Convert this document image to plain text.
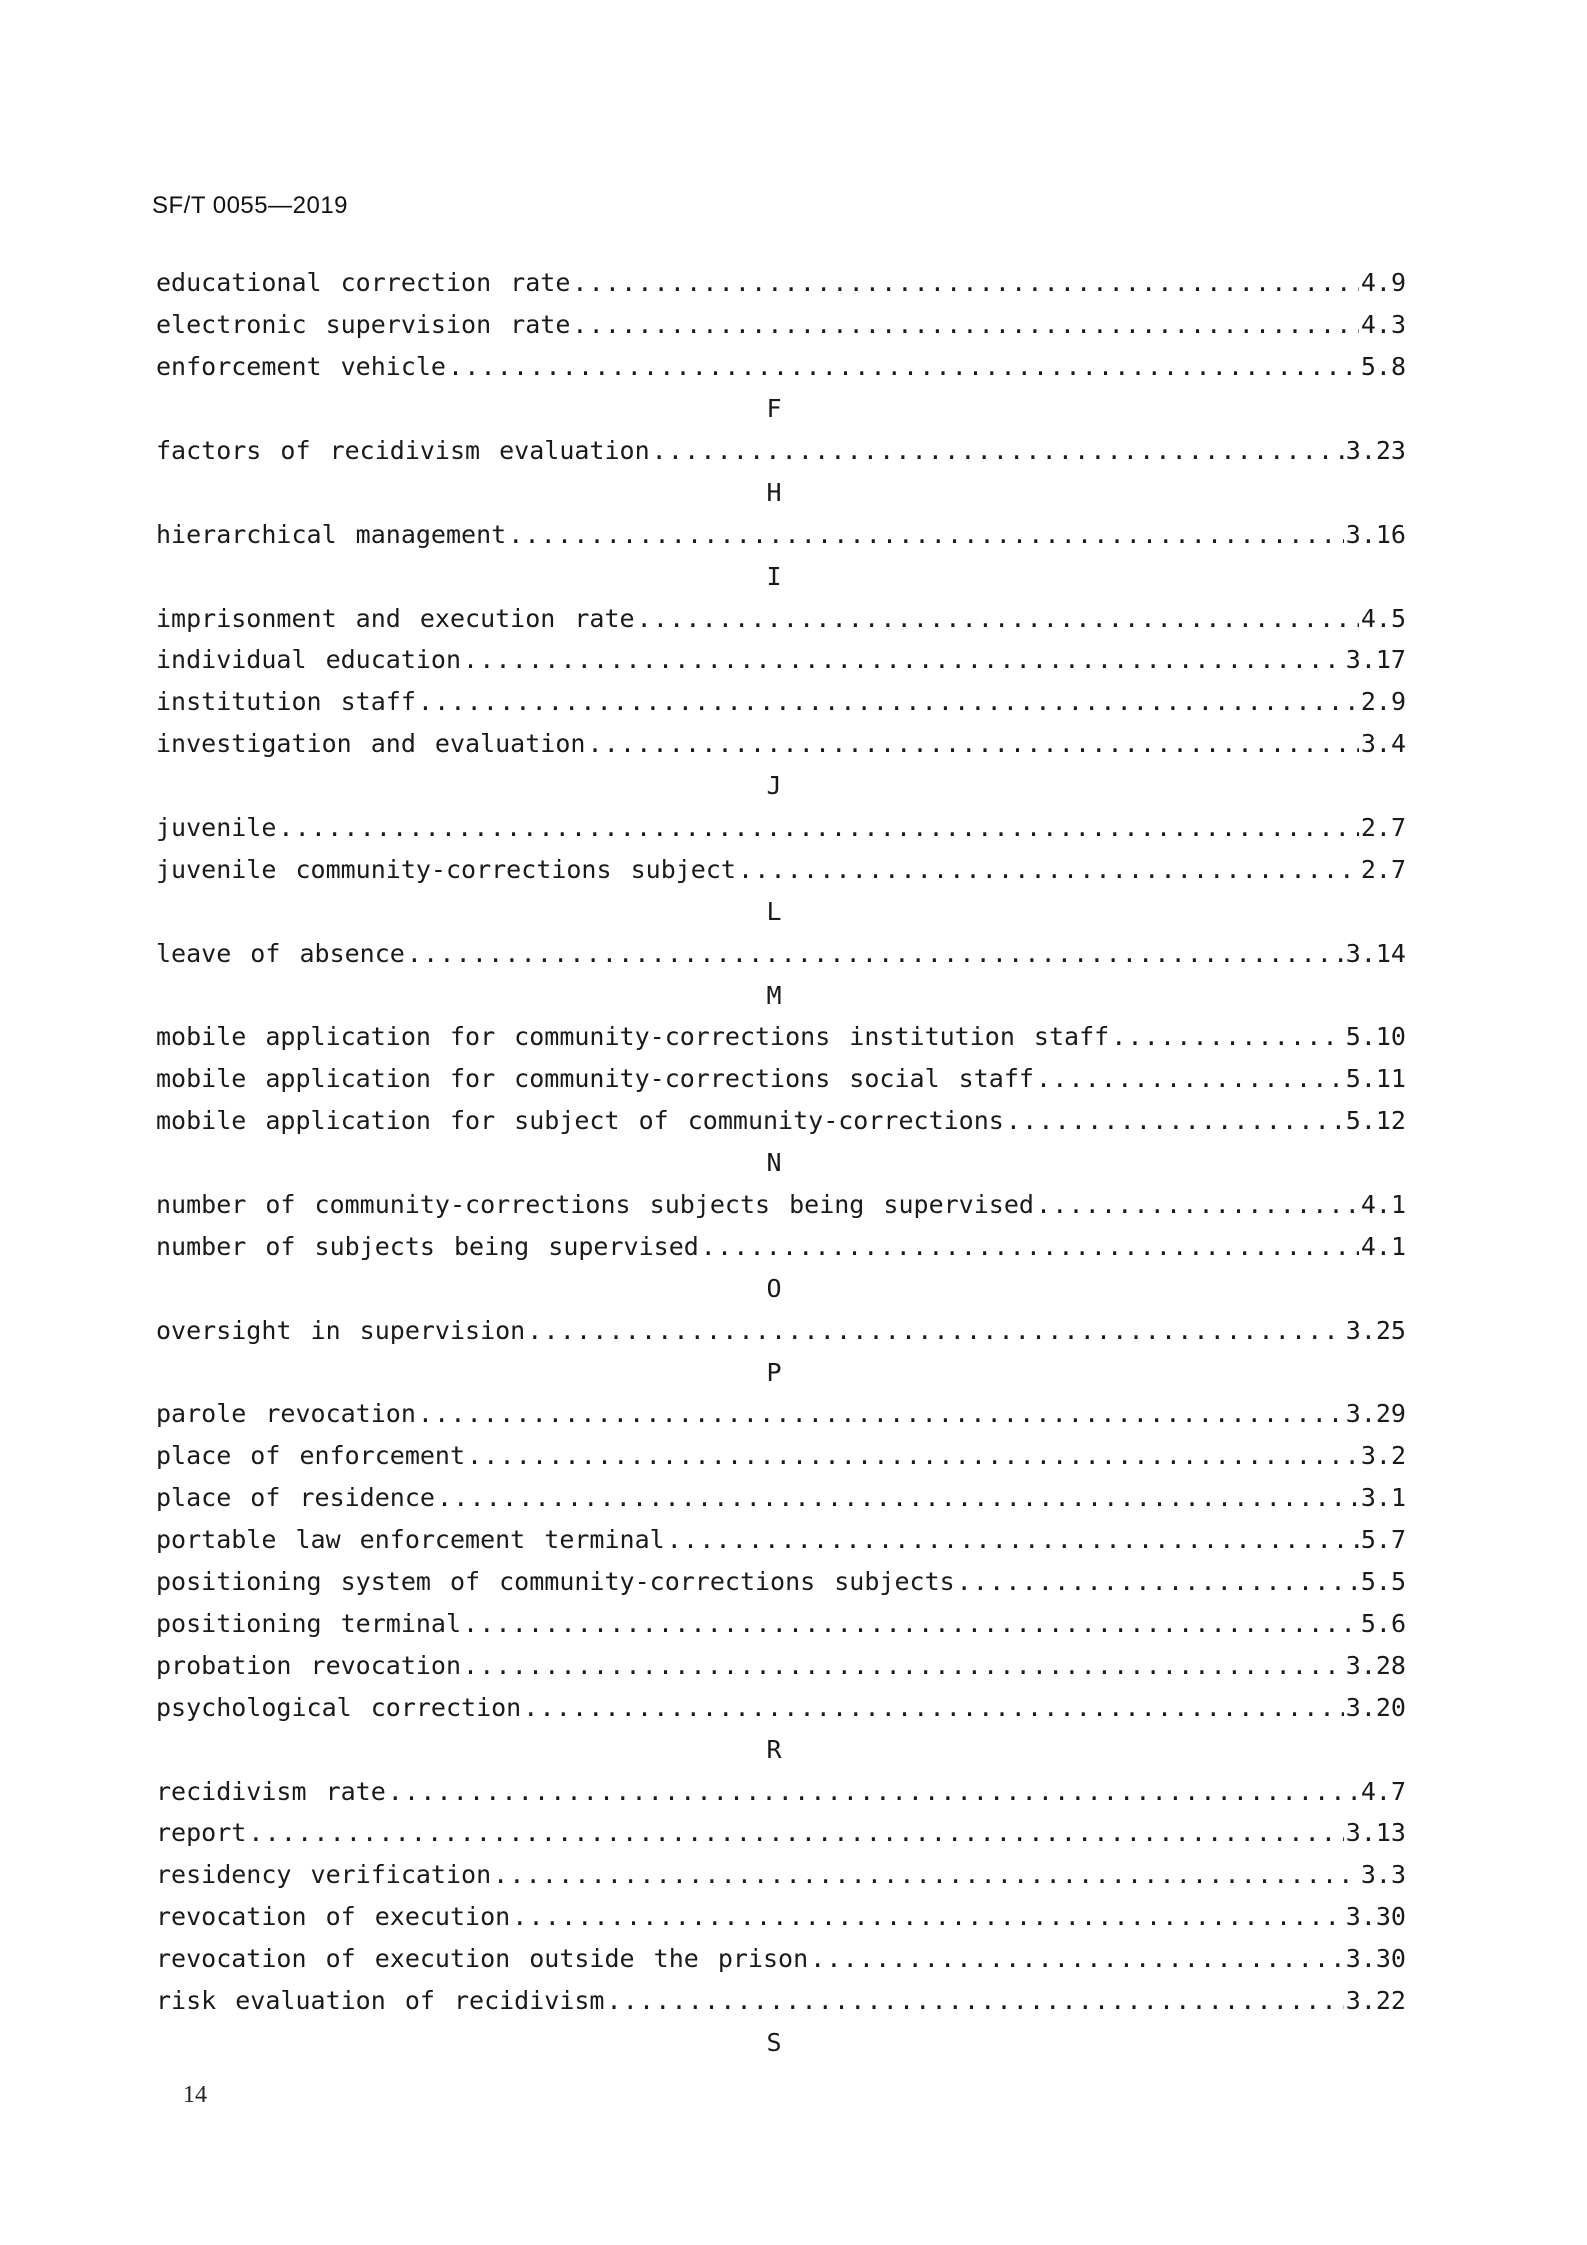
SF/T 0055—2019
educational correction rate .....	4.9
electronic supervision rate .....	4.3
enforcement vehicle .....	5.8
F
factors of recidivism evaluation .....	3.23
H
hierarchical management .....	3.16
I
imprisonment and execution rate .....	4.5
individual education .....	3.17
institution staff .....	2.9
investigation and evaluation .....	3.4
J
juvenile .....	2.7
juvenile community-corrections subject .....	2.7
L
leave of absence .....	3.14
M
mobile application for community-corrections institution staff .....	5.10
mobile application for community-corrections social staff .....	5.11
mobile application for subject of community-corrections .....	5.12
N
number of community-corrections subjects being supervised .....	4.1
number of subjects being supervised .....	4.1
O
oversight in supervision .....	3.25
P
parole revocation .....	3.29
place of enforcement .....	3.2
place of residence .....	3.1
portable law enforcement terminal .....	5.7
positioning system of community-corrections subjects .....	5.5
positioning terminal .....	5.6
probation revocation .....	3.28
psychological correction .....	3.20
R
recidivism rate .....	4.7
report .....	3.13
residency verification .....	3.3
revocation of execution .....	3.30
revocation of execution outside the prison .....	3.30
risk evaluation of recidivism .....	3.22
S
14
